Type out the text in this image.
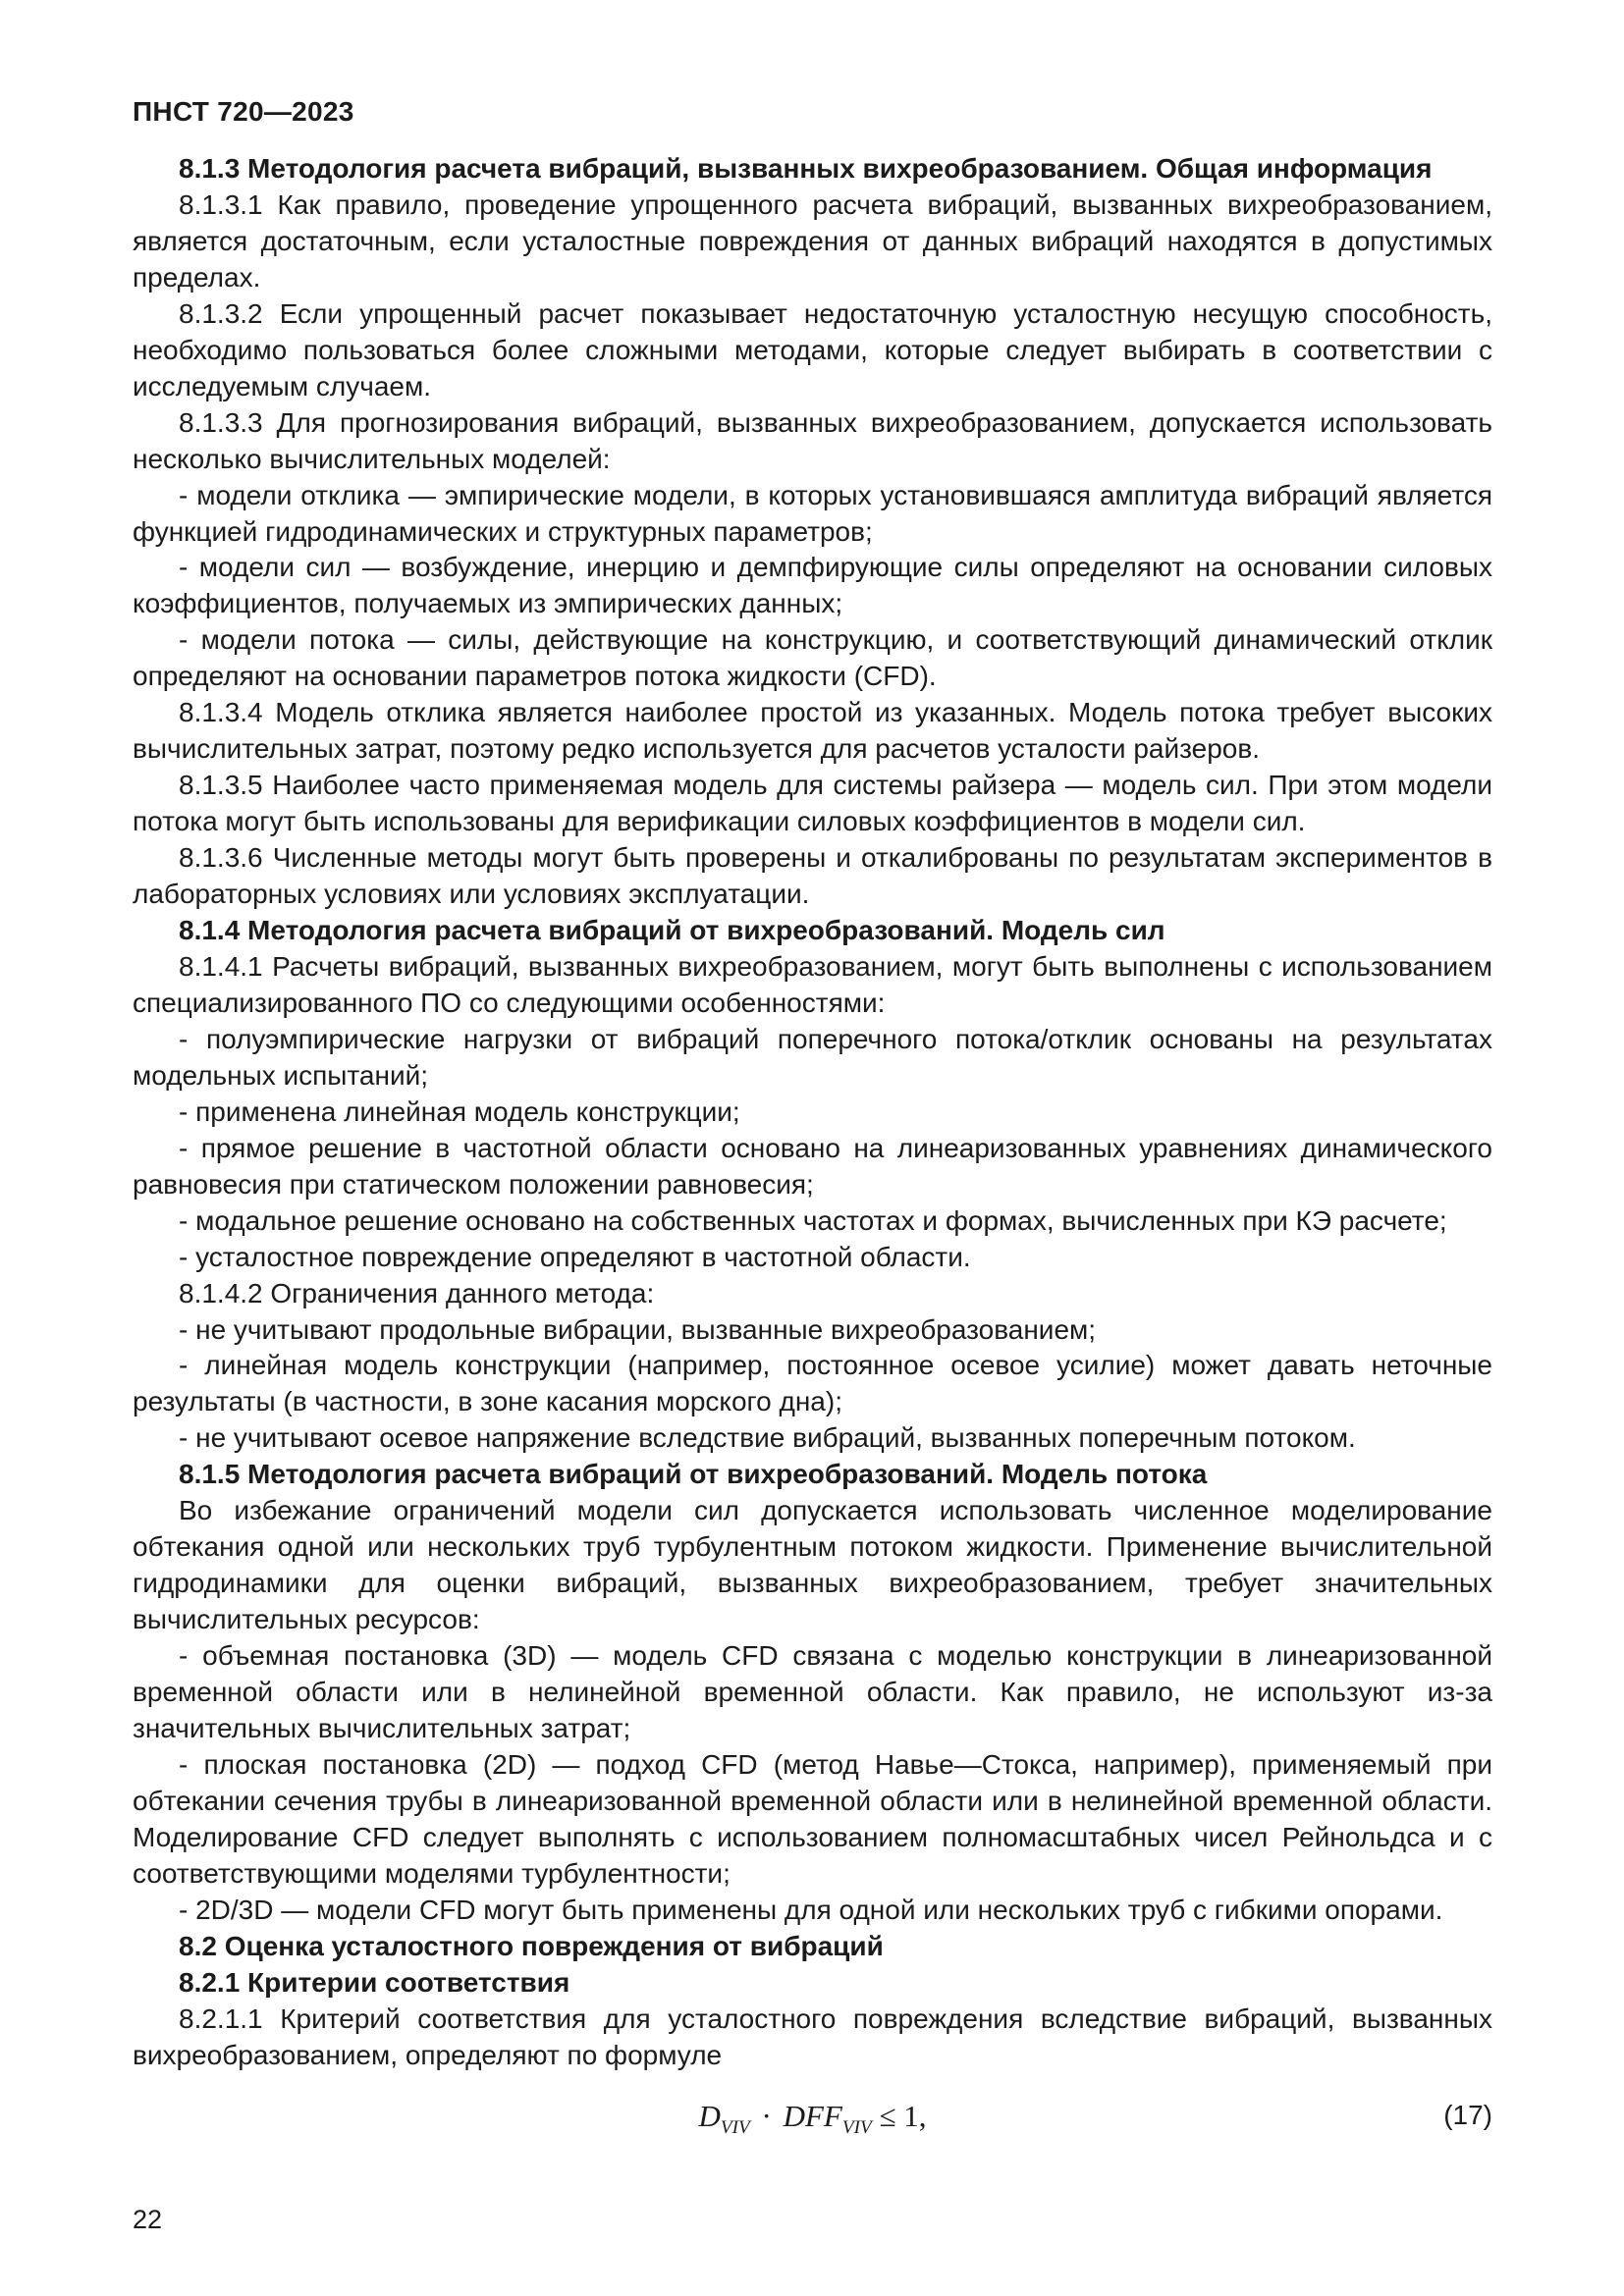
ПНСТ 720—2023

8.1.3 Методология расчета вибраций, вызванных вихреобразованием. Общая информация

8.1.3.1 Как правило, проведение упрощенного расчета вибраций, вызванных вихреобразованием, является достаточным, если усталостные повреждения от данных вибраций находятся в допустимых пределах.

8.1.3.2 Если упрощенный расчет показывает недостаточную усталостную несущую способность, необходимо пользоваться более сложными методами, которые следует выбирать в соответствии с исследуемым случаем.

8.1.3.3 Для прогнозирования вибраций, вызванных вихреобразованием, допускается использовать несколько вычислительных моделей:

- модели отклика — эмпирические модели, в которых установившаяся амплитуда вибраций является функцией гидродинамических и структурных параметров;

- модели сил — возбуждение, инерцию и демпфирующие силы определяют на основании силовых коэффициентов, получаемых из эмпирических данных;

- модели потока — силы, действующие на конструкцию, и соответствующий динамический отклик определяют на основании параметров потока жидкости (CFD).

8.1.3.4 Модель отклика является наиболее простой из указанных. Модель потока требует высоких вычислительных затрат, поэтому редко используется для расчетов усталости райзеров.

8.1.3.5 Наиболее часто применяемая модель для системы райзера — модель сил. При этом модели потока могут быть использованы для верификации силовых коэффициентов в модели сил.

8.1.3.6 Численные методы могут быть проверены и откалиброваны по результатам экспериментов в лабораторных условиях или условиях эксплуатации.

8.1.4 Методология расчета вибраций от вихреобразований. Модель сил

8.1.4.1 Расчеты вибраций, вызванных вихреобразованием, могут быть выполнены с использованием специализированного ПО со следующими особенностями:

- полуэмпирические нагрузки от вибраций поперечного потока/отклик основаны на результатах модельных испытаний;

- применена линейная модель конструкции;

- прямое решение в частотной области основано на линеаризованных уравнениях динамического равновесия при статическом положении равновесия;

- модальное решение основано на собственных частотах и формах, вычисленных при КЭ расчете;

- усталостное повреждение определяют в частотной области.

8.1.4.2 Ограничения данного метода:

- не учитывают продольные вибрации, вызванные вихреобразованием;

- линейная модель конструкции (например, постоянное осевое усилие) может давать неточные результаты (в частности, в зоне касания морского дна);

- не учитывают осевое напряжение вследствие вибраций, вызванных поперечным потоком.

8.1.5 Методология расчета вибраций от вихреобразований. Модель потока

Во избежание ограничений модели сил допускается использовать численное моделирование обтекания одной или нескольких труб турбулентным потоком жидкости. Применение вычислительной гидродинамики для оценки вибраций, вызванных вихреобразованием, требует значительных вычислительных ресурсов:

- объемная постановка (3D) — модель CFD связана с моделью конструкции в линеаризованной временной области или в нелинейной временной области. Как правило, не используют из-за значительных вычислительных затрат;

- плоская постановка (2D) — подход CFD (метод Навье—Стокса, например), применяемый при обтекании сечения трубы в линеаризованной временной области или в нелинейной временной области. Моделирование CFD следует выполнять с использованием полномасштабных чисел Рейнольдса и с соответствующими моделями турбулентности;

- 2D/3D — модели CFD могут быть применены для одной или нескольких труб с гибкими опорами.

8.2 Оценка усталостного повреждения от вибраций

8.2.1 Критерии соответствия

8.2.1.1 Критерий соответствия для усталостного повреждения вследствие вибраций, вызванных вихреобразованием, определяют по формуле

$D_{VIV} \cdot DFF_{VIV} \le 1$,	(17)
22
